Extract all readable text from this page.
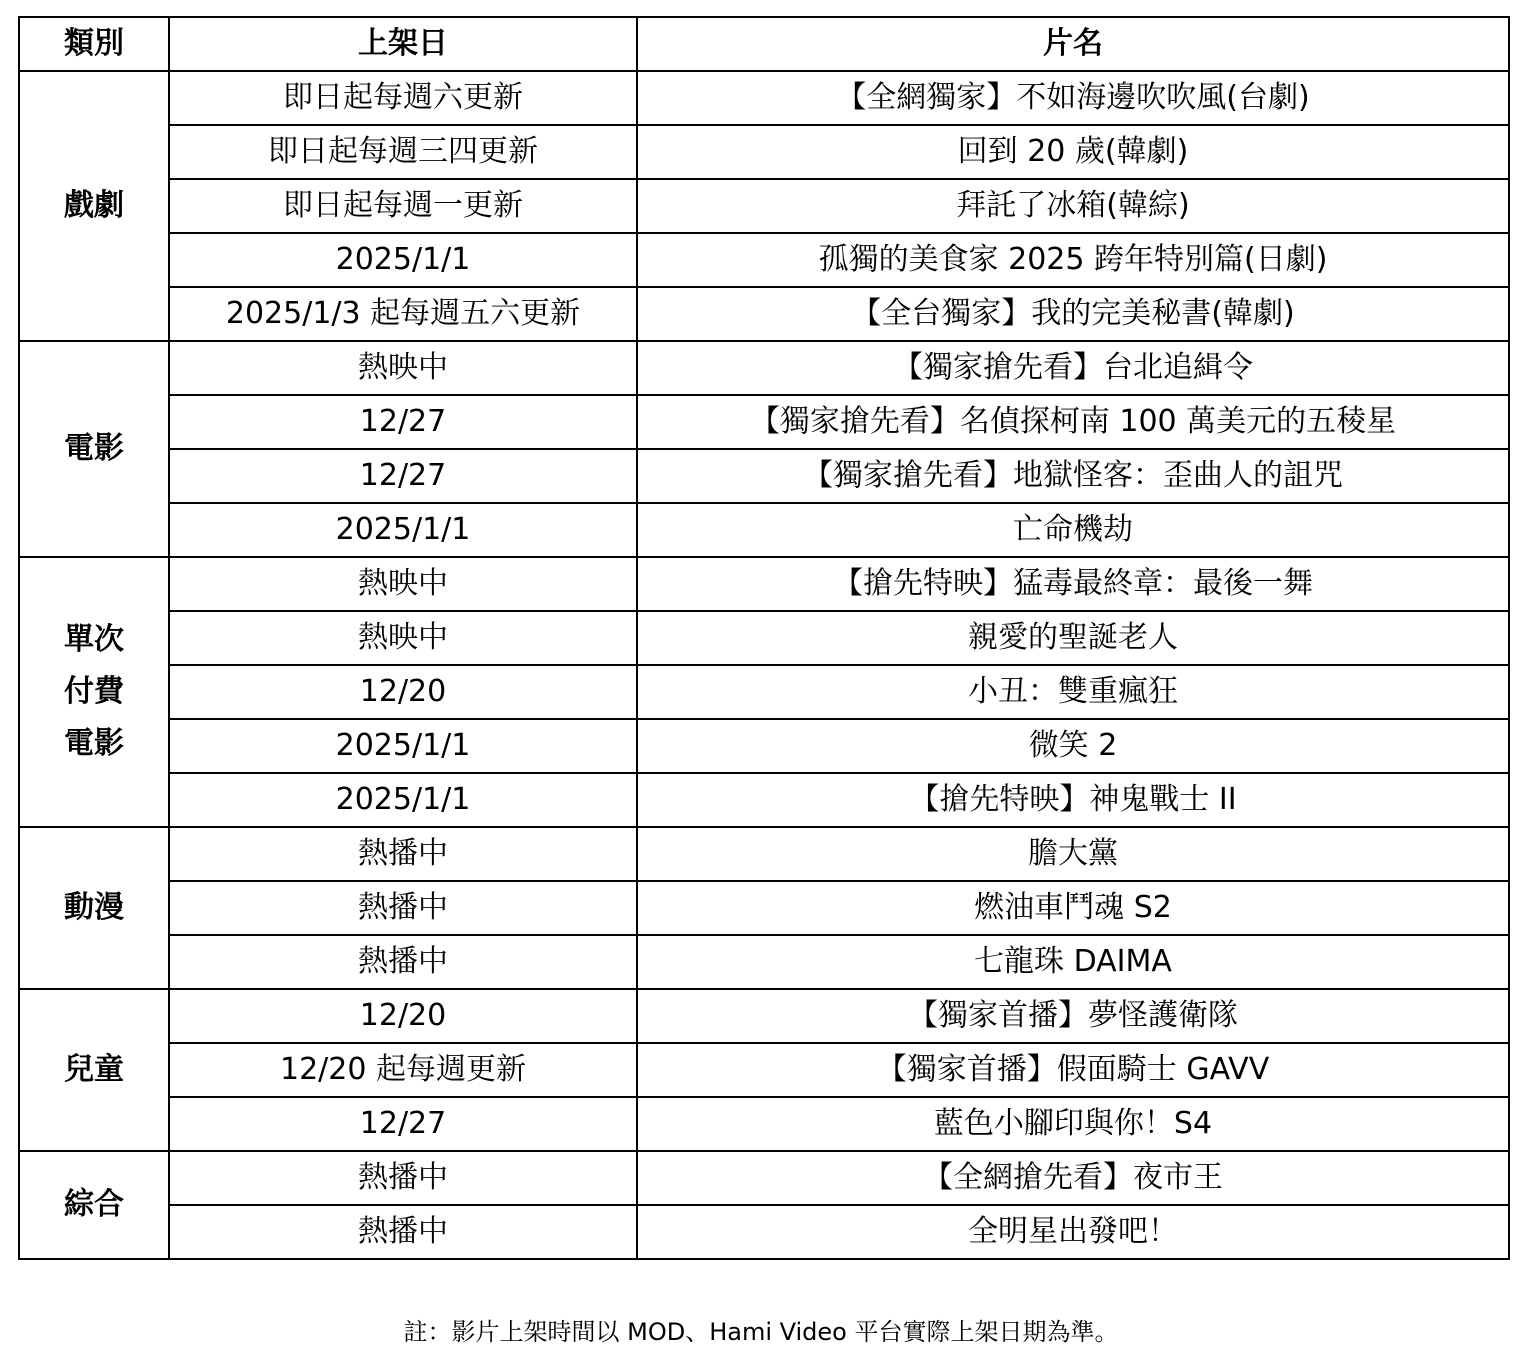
類別	上架日	片名

戲劇	即日起每週六更新	【全網獨家】不如海邊吹吹風(台劇)
	即日起每週三四更新	回到 20 歲(韓劇)
	即日起每週一更新	拜託了冰箱(韓綜)
	2025/1/1	孤獨的美食家 2025 跨年特別篇(日劇)
	2025/1/3 起每週五六更新	【全台獨家】我的完美秘書(韓劇)

電影	熱映中	【獨家搶先看】台北追緝令
	12/27	【獨家搶先看】名偵探柯南 100 萬美元的五稜星
	12/27	【獨家搶先看】地獄怪客：歪曲人的詛咒
	2025/1/1	亡命機劫

單次
付費
電影	熱映中	【搶先特映】猛毒最終章：最後一舞
	熱映中	親愛的聖誕老人
	12/20	小丑：雙重瘋狂
	2025/1/1	微笑 2
	2025/1/1	【搶先特映】神鬼戰士 II

動漫	熱播中	膽大黨
	熱播中	燃油車鬥魂 S2
	熱播中	七龍珠 DAIMA

兒童	12/20	【獨家首播】夢怪護衛隊
	12/20 起每週更新	【獨家首播】假面騎士 GAVV
	12/27	藍色小腳印與你！S4

綜合	熱播中	【全網搶先看】夜市王
	熱播中	全明星出發吧！
註：影片上架時間以 MOD、Hami Video 平台實際上架日期為準。
